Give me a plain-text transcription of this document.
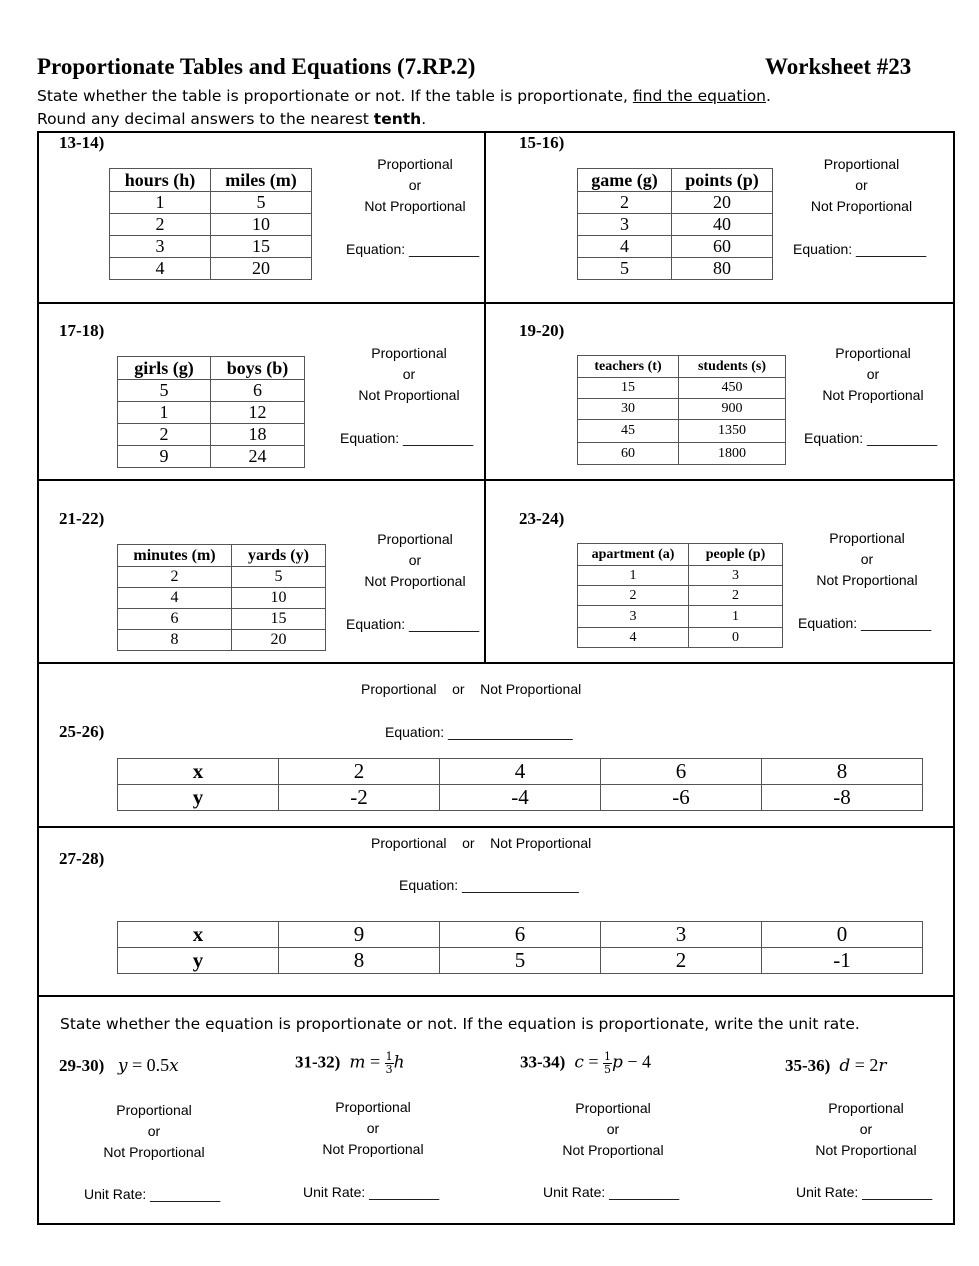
Proportionate Tables and Equations (7.RP.2)	Worksheet #23
State whether the table is proportionate or not. If the table is proportionate, find the equation.
Round any decimal answers to the nearest tenth.
13-14)
hours (h)	miles (m)
1	5
2	10
3	15
4	20
Proportional
or
Not Proportional
Equation: _________
15-16)
game (g)	points (p)
2	20
3	40
4	60
5	80
Proportional
or
Not Proportional
Equation: _________
17-18)
girls (g)	boys (b)
5	6
1	12
2	18
9	24
Proportional
or
Not Proportional
Equation: _________
19-20)
teachers (t)	students (s)
15	450
30	900
45	1350
60	1800
Proportional
or
Not Proportional
Equation: _________
21-22)
minutes (m)	yards (y)
2	5
4	10
6	15
8	20
Proportional
or
Not Proportional
Equation: _________
23-24)
apartment (a)	people (p)
1	3
2	2
3	1
4	0
Proportional
or
Not Proportional
Equation: _________
Proportional or Not Proportional
Equation: ________________
25-26)
x	2	4	6	8
y	-2	-4	-6	-8
Proportional or Not Proportional
27-28)
Equation: _______________
x	9	6	3	0
y	8	5	2	-1
State whether the equation is proportionate or not. If the equation is proportionate, write the unit rate.
29-30) y = 0.5x	31-32) $m = \frac{1}{3}$ h	33-34) $c = \frac{1}{5}$ p − 4	35-36) d = 2r
Proportional
or
Not Proportional
Proportional
or
Not Proportional
Proportional
or
Not Proportional
Proportional
or
Not Proportional
Unit Rate: _________	Unit Rate: _________	Unit Rate: _________	Unit Rate: _________
